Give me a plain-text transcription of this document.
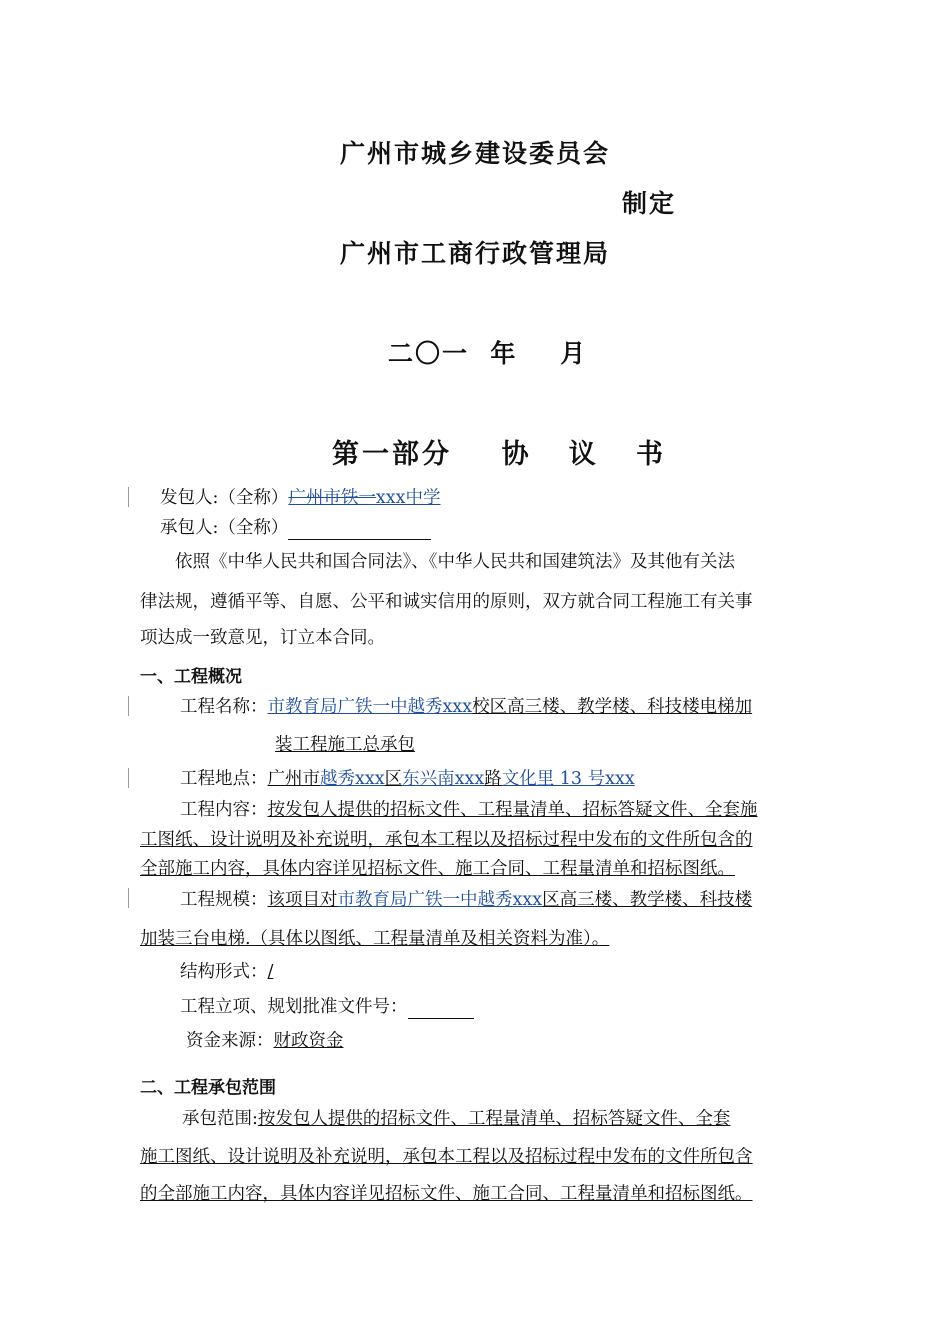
广州市城乡建设委员会
制定
广州市工商行政管理局
二〇一  年    月
第一部分    协   议   书
发包人:（全称）广州市铁一xxx中学
承包人:（全称）
依照《中华人民共和国合同法》、《中华人民共和国建筑法》及其他有关法
律法规，遵循平等、自愿、公平和诚实信用的原则，双方就合同工程施工有关事
项达成一致意见，订立本合同。
一、工程概况
工程名称：市教育局广铁一中越秀xxx校区高三楼、教学楼、科技楼电梯加
装工程施工总承包
工程地点：广州市越秀xxx区东兴南xxx路文化里 13 号xxx
工程内容：按发包人提供的招标文件、工程量清单、招标答疑文件、全套施
工图纸、设计说明及补充说明，承包本工程以及招标过程中发布的文件所包含的
全部施工内容，具体内容详见招标文件、施工合同、工程量清单和招标图纸。
工程规模：该项目对市教育局广铁一中越秀xxx区高三楼、教学楼、科技楼
加装三台电梯.（具体以图纸、工程量清单及相关资料为准）。
结构形式：/
工程立项、规划批准文件号：
资金来源：财政资金
二、工程承包范围
承包范围:按发包人提供的招标文件、工程量清单、招标答疑文件、全套
施工图纸、设计说明及补充说明，承包本工程以及招标过程中发布的文件所包含
的全部施工内容，具体内容详见招标文件、施工合同、工程量清单和招标图纸。
